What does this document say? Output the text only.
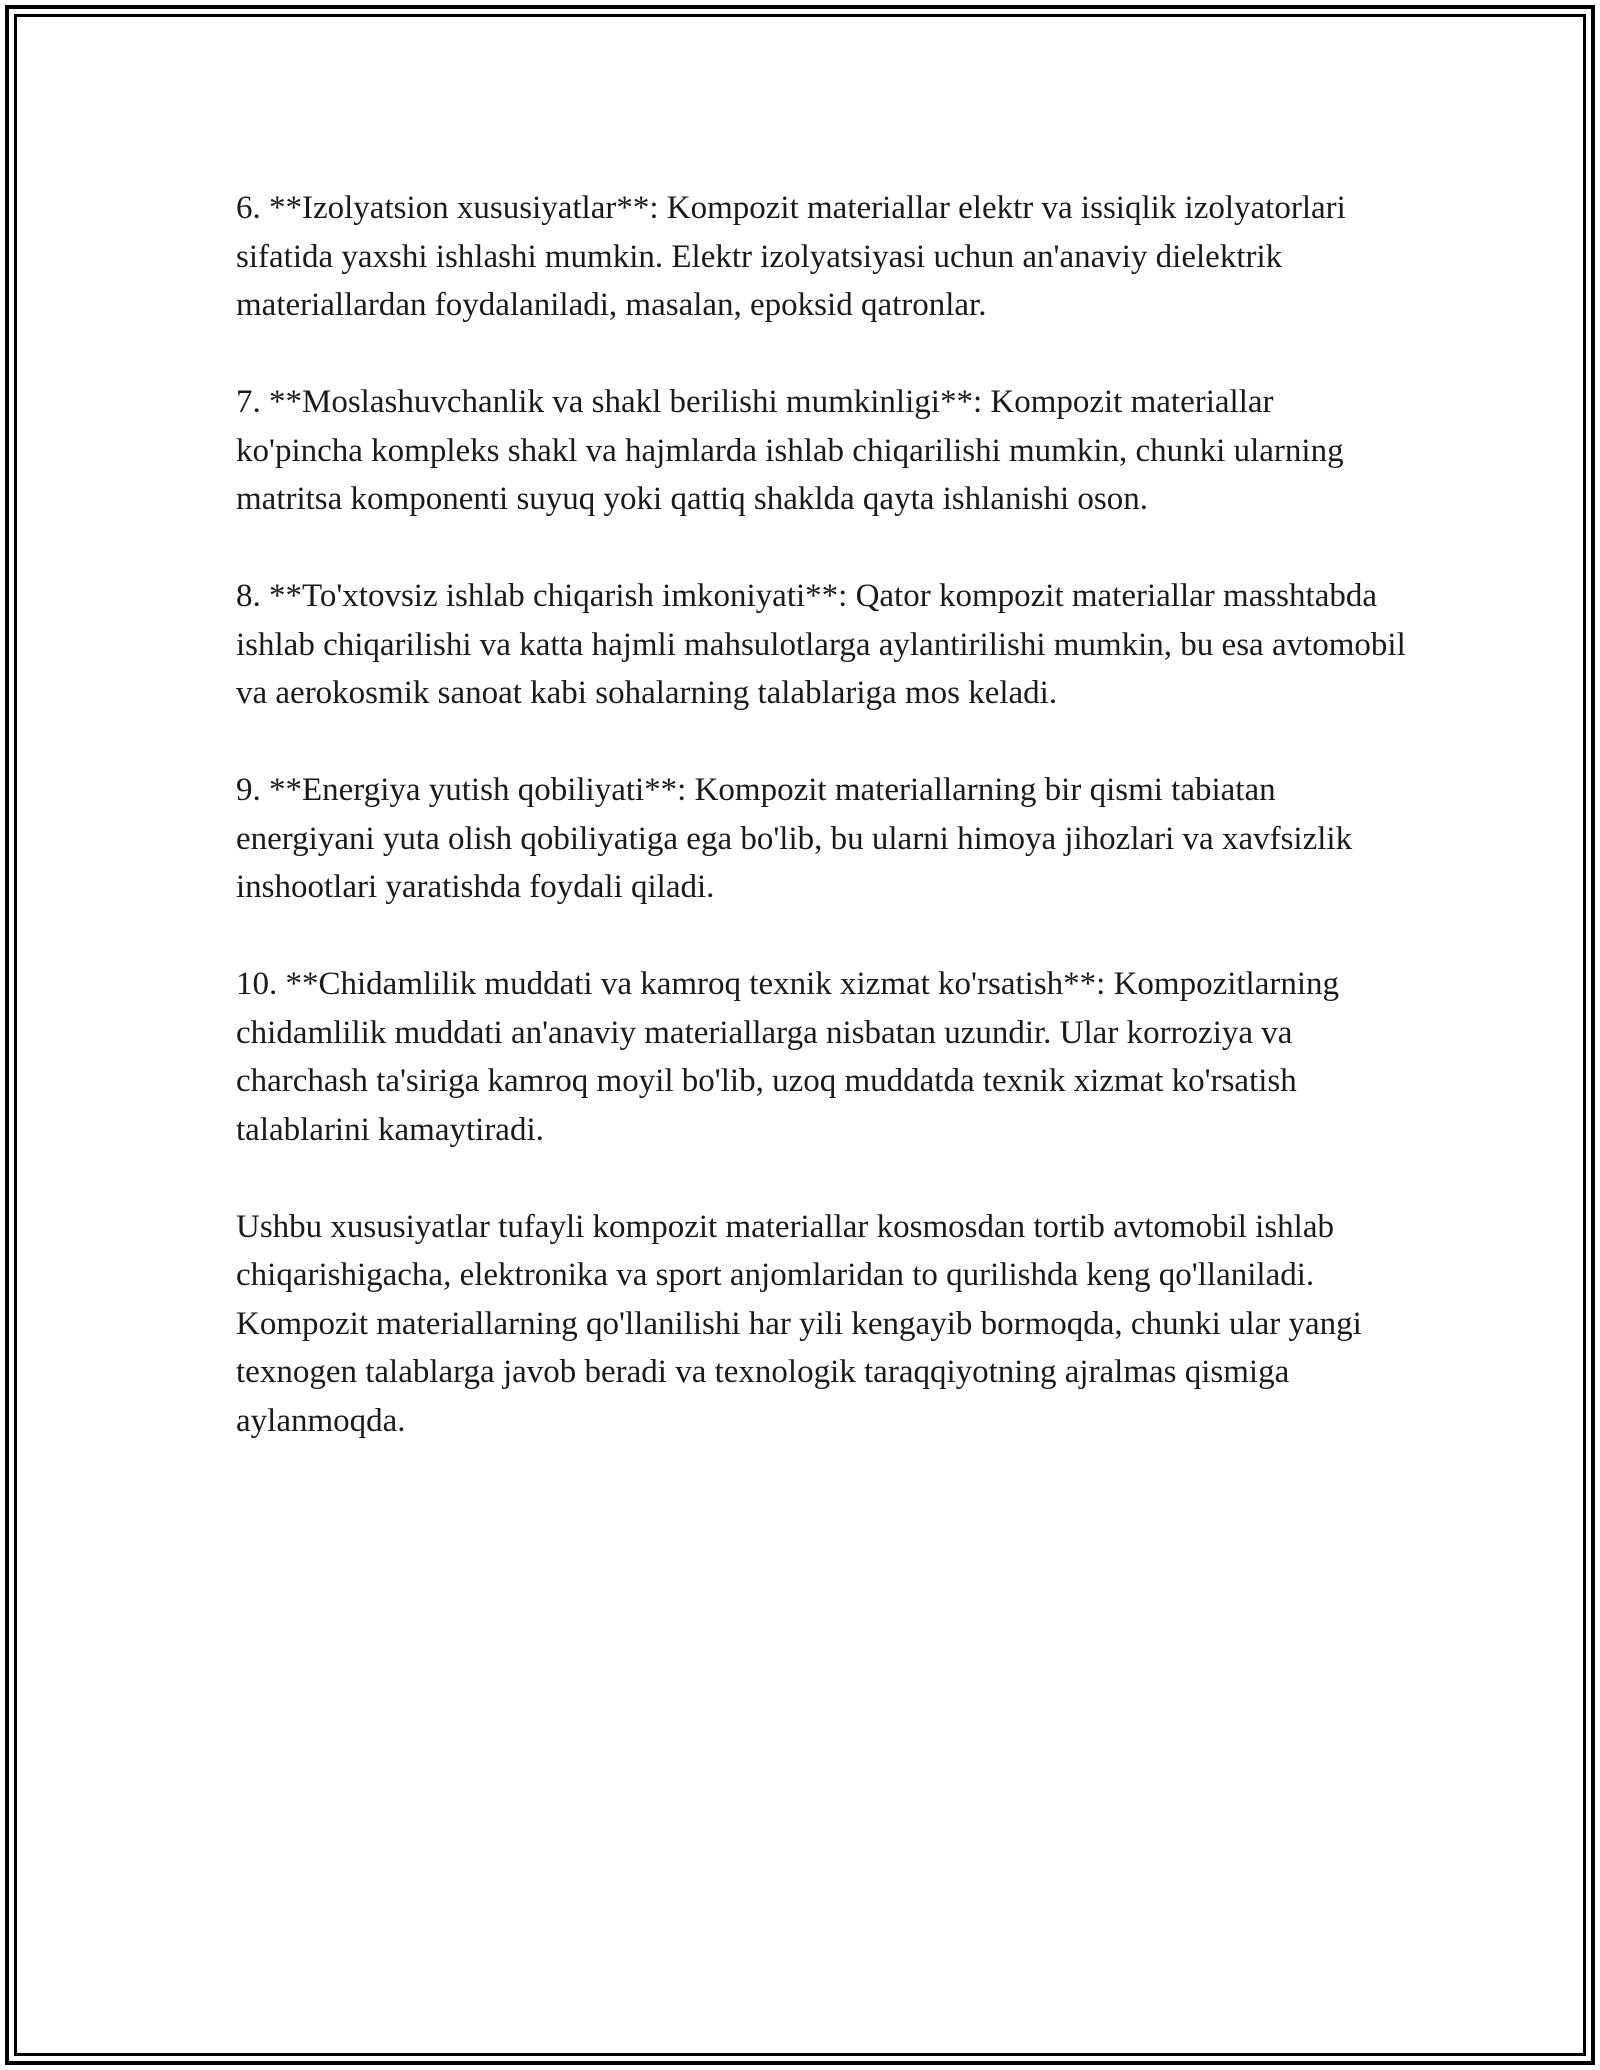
6. **Izolyatsion xususiyatlar**: Kompozit materiallar elektr va issiqlik izolyatorlari sifatida yaxshi ishlashi mumkin. Elektr izolyatsiyasi uchun an'anaviy dielektrik materiallardan foydalaniladi, masalan, epoksid qatronlar.

7. **Moslashuvchanlik va shakl berilishi mumkinligi**: Kompozit materiallar ko'pincha kompleks shakl va hajmlarda ishlab chiqarilishi mumkin, chunki ularning matritsa komponenti suyuq yoki qattiq shaklda qayta ishlanishi oson.

8. **To'xtovsiz ishlab chiqarish imkoniyati**: Qator kompozit materiallar masshtabda ishlab chiqarilishi va katta hajmli mahsulotlarga aylantirilishi mumkin, bu esa avtomobil va aerokosmik sanoat kabi sohalarning talablariga mos keladi.

9. **Energiya yutish qobiliyati**: Kompozit materiallarning bir qismi tabiatan energiyani yuta olish qobiliyatiga ega bo'lib, bu ularni himoya jihozlari va xavfsizlik inshootlari yaratishda foydali qiladi.

10. **Chidamlilik muddati va kamroq texnik xizmat ko'rsatish**: Kompozitlarning chidamlilik muddati an'anaviy materiallarga nisbatan uzundir. Ular korroziya va charchash ta'siriga kamroq moyil bo'lib, uzoq muddatda texnik xizmat ko'rsatish talablarini kamaytiradi.

Ushbu xususiyatlar tufayli kompozit materiallar kosmosdan tortib avtomobil ishlab chiqarishigacha, elektronika va sport anjomlaridan to qurilishda keng qo'llaniladi. Kompozit materiallarning qo'llanilishi har yili kengayib bormoqda, chunki ular yangi texnogen talablarga javob beradi va texnologik taraqqiyotning ajralmas qismiga aylanmoqda.
